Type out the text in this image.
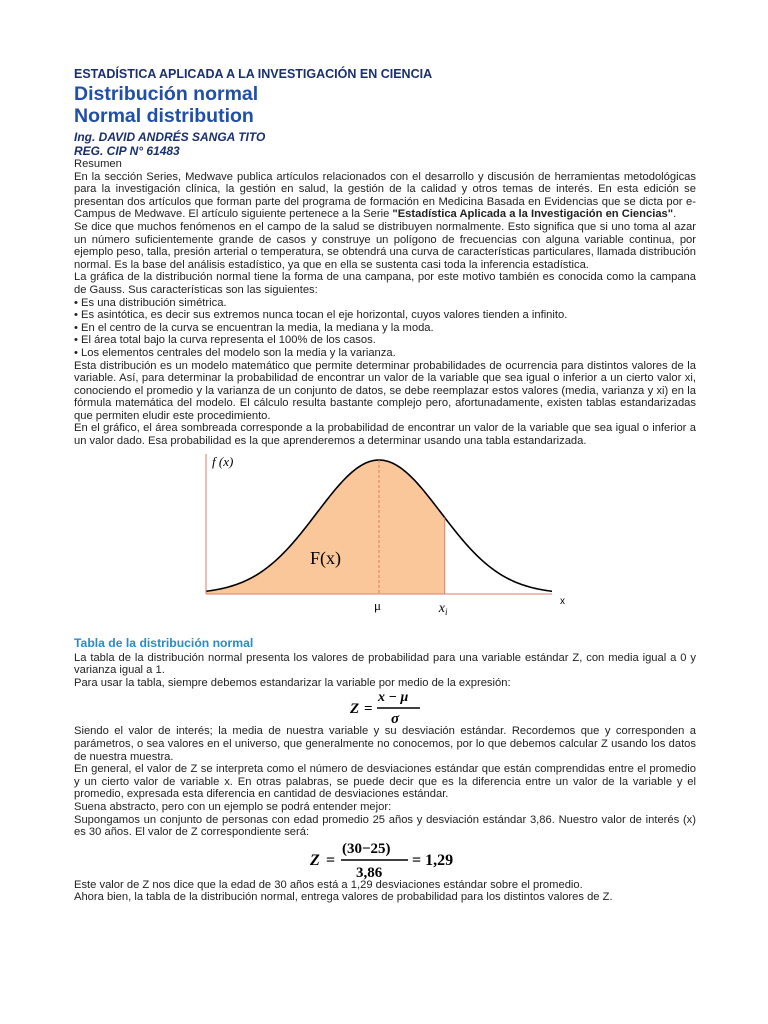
ESTADÍSTICA APLICADA A LA INVESTIGACIÓN EN CIENCIA
Distribución normal
Normal distribution
Ing. DAVID ANDRÉS SANGA TITO
REG. CIP N° 61483

Resumen

En la sección Series, Medwave publica artículos relacionados con el desarrollo y discusión de herramientas metodológicas para la investigación clínica, la gestión en salud, la gestión de la calidad y otros temas de interés. En esta edición se presentan dos artículos que forman parte del programa de formación en Medicina Basada en Evidencias que se dicta por e-Campus de Medwave. El artículo siguiente pertenece a la Serie "Estadística Aplicada a la Investigación en Ciencias".

Se dice que muchos fenómenos en el campo de la salud se distribuyen normalmente. Esto significa que si uno toma al azar un número suficientemente grande de casos y construye un polígono de frecuencias con alguna variable continua, por ejemplo peso, talla, presión arterial o temperatura, se obtendrá una curva de características particulares, llamada distribución normal. Es la base del análisis estadístico, ya que en ella se sustenta casi toda la inferencia estadística.

La gráfica de la distribución normal tiene la forma de una campana, por este motivo también es conocida como la campana de Gauss. Sus características son las siguientes:

• Es una distribución simétrica.
• Es asintótica, es decir sus extremos nunca tocan el eje horizontal, cuyos valores tienden a infinito.
• En el centro de la curva se encuentran la media, la mediana y la moda.
• El área total bajo la curva representa el 100% de los casos.
• Los elementos centrales del modelo son la media y la varianza.

Esta distribución es un modelo matemático que permite determinar probabilidades de ocurrencia para distintos valores de la variable. Así, para determinar la probabilidad de encontrar un valor de la variable que sea igual o inferior a un cierto valor xi, conociendo el promedio y la varianza de un conjunto de datos, se debe reemplazar estos valores (media, varianza y xi) en la fórmula matemática del modelo. El cálculo resulta bastante complejo pero, afortunadamente, existen tablas estandarizadas que permiten eludir este procedimiento.

En el gráfico, el área sombreada corresponde a la probabilidad de encontrar un valor de la variable que sea igual o inferior a un valor dado. Esa probabilidad es la que aprenderemos a determinar usando una tabla estandarizada.

f (x)
F(x)
μ	$x_i$
x
Tabla de la distribución normal

La tabla de la distribución normal presenta los valores de probabilidad para una variable estándar Z, con media igual a 0 y varianza igual a 1.

Para usar la tabla, siempre debemos estandarizar la variable por medio de la expresión:

Z =
x − μ
σ

Siendo el valor de interés; la media de nuestra variable y su desviación estándar. Recordemos que y corresponden a parámetros, o sea valores en el universo, que generalmente no conocemos, por lo que debemos calcular Z usando los datos de nuestra muestra.

En general, el valor de Z se interpreta como el número de desviaciones estándar que están comprendidas entre el promedio y un cierto valor de variable x. En otras palabras, se puede decir que es la diferencia entre un valor de la variable y el promedio, expresada esta diferencia en cantidad de desviaciones estándar.

Suena abstracto, pero con un ejemplo se podrá entender mejor:

Supongamos un conjunto de personas con edad promedio 25 años y desviación estándar 3,86. Nuestro valor de interés (x) es 30 años. El valor de Z correspondiente será:

Z =
(30−25)
3,86
= 1,29

Este valor de Z nos dice que la edad de 30 años está a 1,29 desviaciones estándar sobre el promedio.

Ahora bien, la tabla de la distribución normal, entrega valores de probabilidad para los distintos valores de Z.
